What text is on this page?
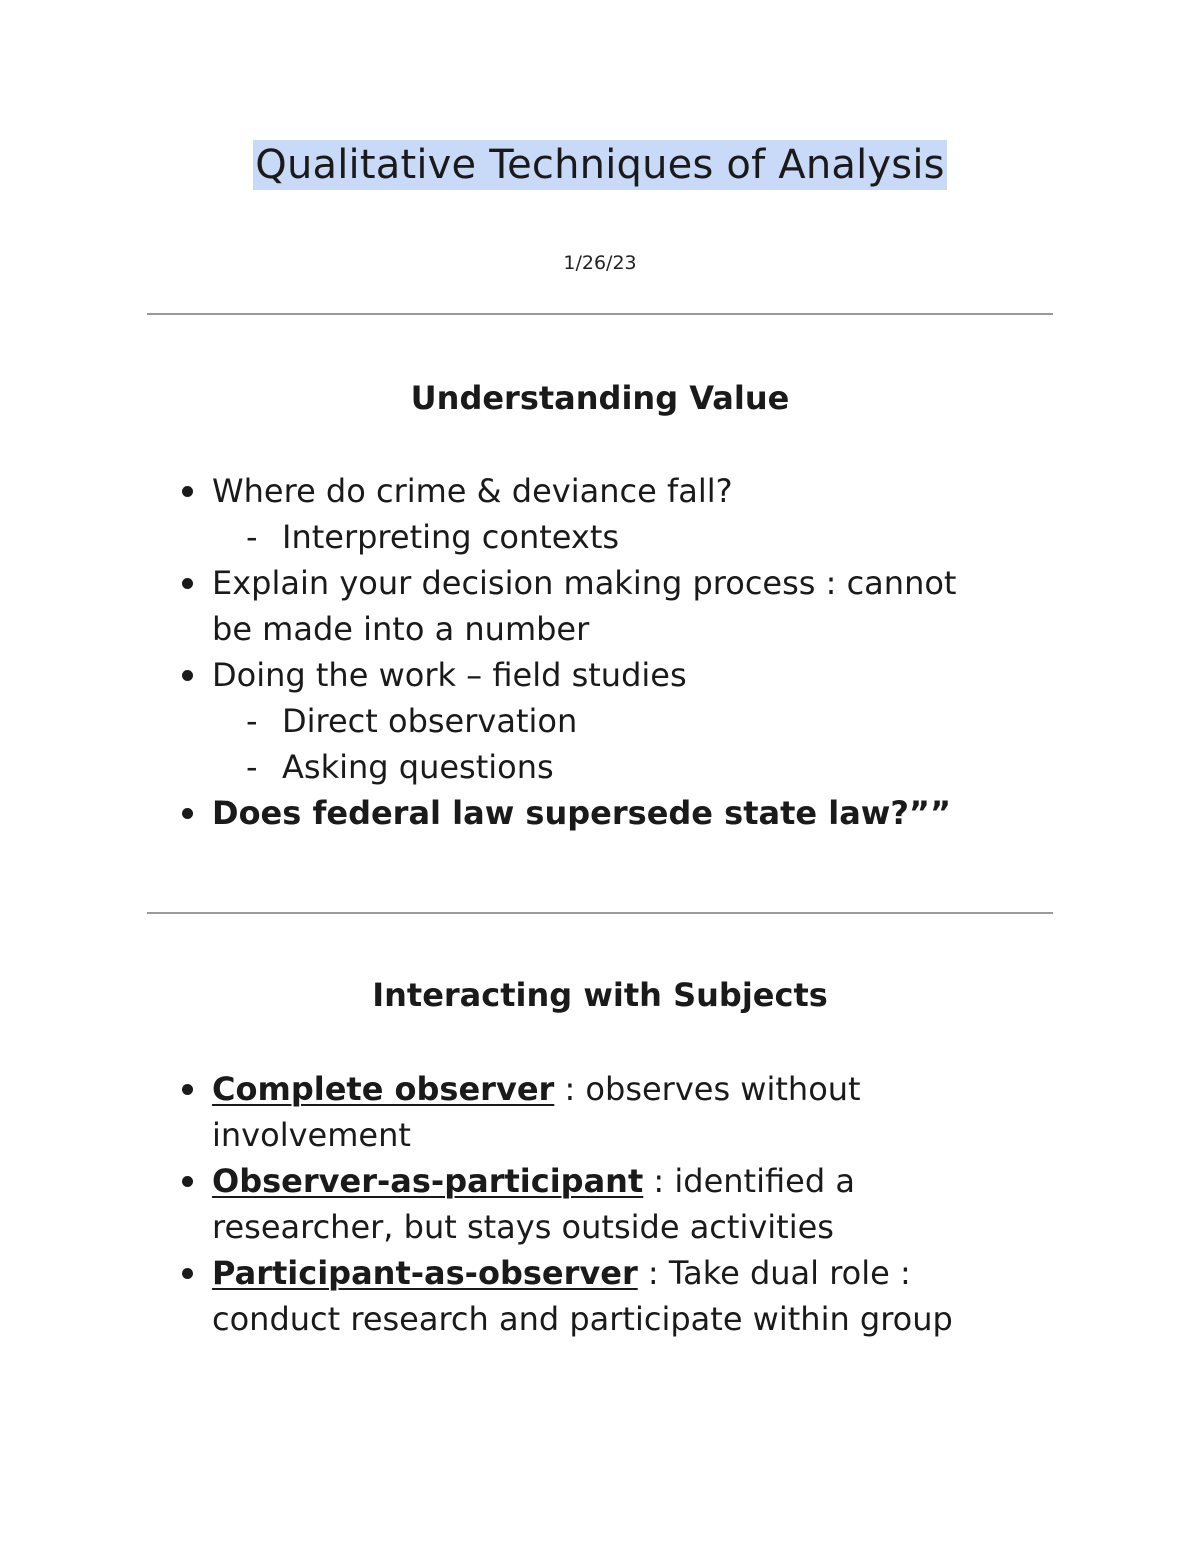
Qualitative Techniques of Analysis
1/26/23
Understanding Value
Where do crime & deviance fall?
- Interpreting contexts
Explain your decision making process : cannot be made into a number
Doing the work – field studies
- Direct observation
- Asking questions
Does federal law supersede state law?””
Interacting with Subjects
Complete observer : observes without involvement
Observer-as-participant : identified a researcher, but stays outside activities
Participant-as-observer : Take dual role : conduct research and participate within group
